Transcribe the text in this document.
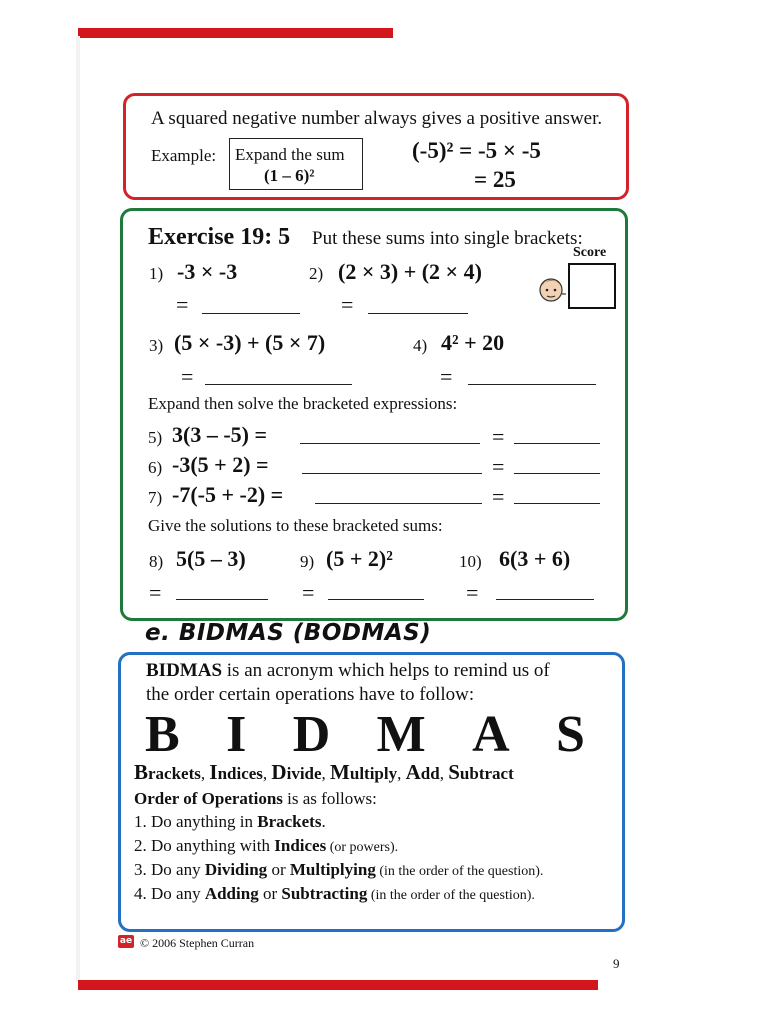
A squared negative number always gives a positive answer.
Example: Expand the sum
(1 – 6)²
(-5)² = -5 × -5
= 25
Exercise 19: 5 Put these sums into single brackets:
Score
1) -3 × -3	2) (2 × 3) + (2 × 4)
=	=
3) (5 × -3) + (5 × 7)	4) 4² + 20
=	=
Expand then solve the bracketed expressions:
5) 3(3 – -5) =	=
6) -3(5 + 2) =	=
7) -7(-5 + -2) =	=
Give the solutions to these bracketed sums:
8) 5(5 – 3)	9) (5 + 2)²	10) 6(3 + 6)
=	=	=
e. BIDMAS (BODMAS)
BIDMAS is an acronym which helps to remind us of
the order certain operations have to follow:
B I D M A S
Brackets, Indices, Divide, Multiply, Add, Subtract
Order of Operations is as follows:
1. Do anything in Brackets.
2. Do anything with Indices (or powers).
3. Do any Dividing or Multiplying (in the order of the question).
4. Do any Adding or Subtracting (in the order of the question).
ae © 2006 Stephen Curran
9
